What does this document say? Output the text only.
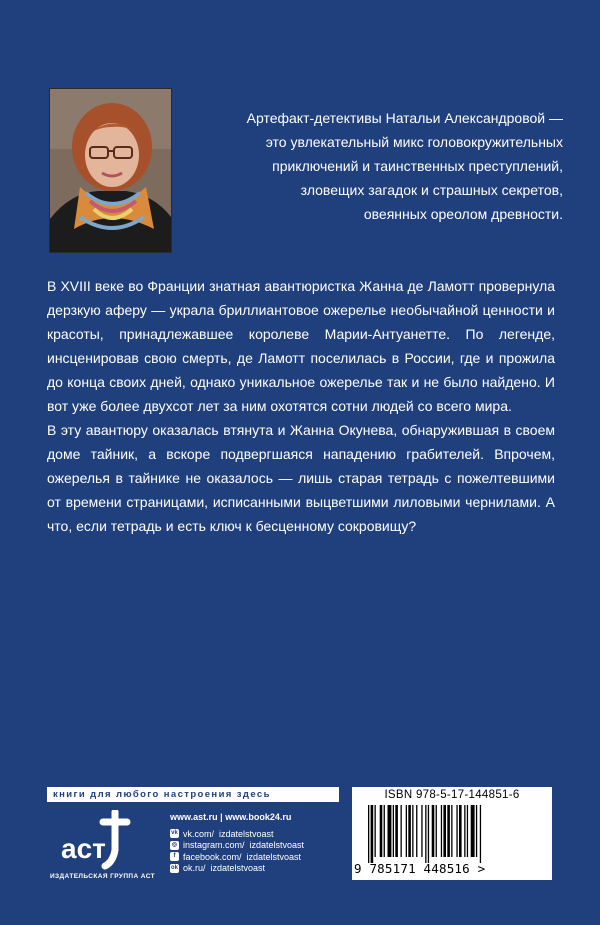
Артефакт-детективы Натальи Александровой —
это увлекательный микс головокружительных
приключений и таинственных преступлений,
зловещих загадок и страшных секретов,
овеянных ореолом древности.

В XVIII веке во Франции знатная авантюристка Жанна де Ламотт провернула дерзкую аферу — украла бриллиантовое ожерелье необычайной ценности и красоты, принадлежавшее королеве Марии-Антуанетте. По легенде, инсценировав свою смерть, де Ламотт поселилась в России, где и прожила до конца своих дней, однако уникальное ожерелье так и не было найдено. И вот уже более двухсот лет за ним охотятся сотни людей со всего мира.

В эту авантюру оказалась втянута и Жанна Окунева, обнаружившая в своем доме тайник, а вскоре подвергшаяся нападению грабителей. Впрочем, ожерелья в тайнике не оказалось — лишь старая тетрадь с пожелтевшими от времени страницами, исписанными выцветшими лиловыми чернилами. А что, если тетрадь и есть ключ к бесценному сокровищу?

книги для любого настроения здесь
аст
ИЗДАТЕЛЬСКАЯ ГРУППА АСТ
www.ast.ru | www.book24.ru
vk vk.com/ izdatelstvoast
◎ instagram.com/ izdatelstvoast
f facebook.com/ izdatelstvoast
ok ok.ru/ izdatelstvoast
ISBN 978-5-17-144851-6
9 785171 448516 >
